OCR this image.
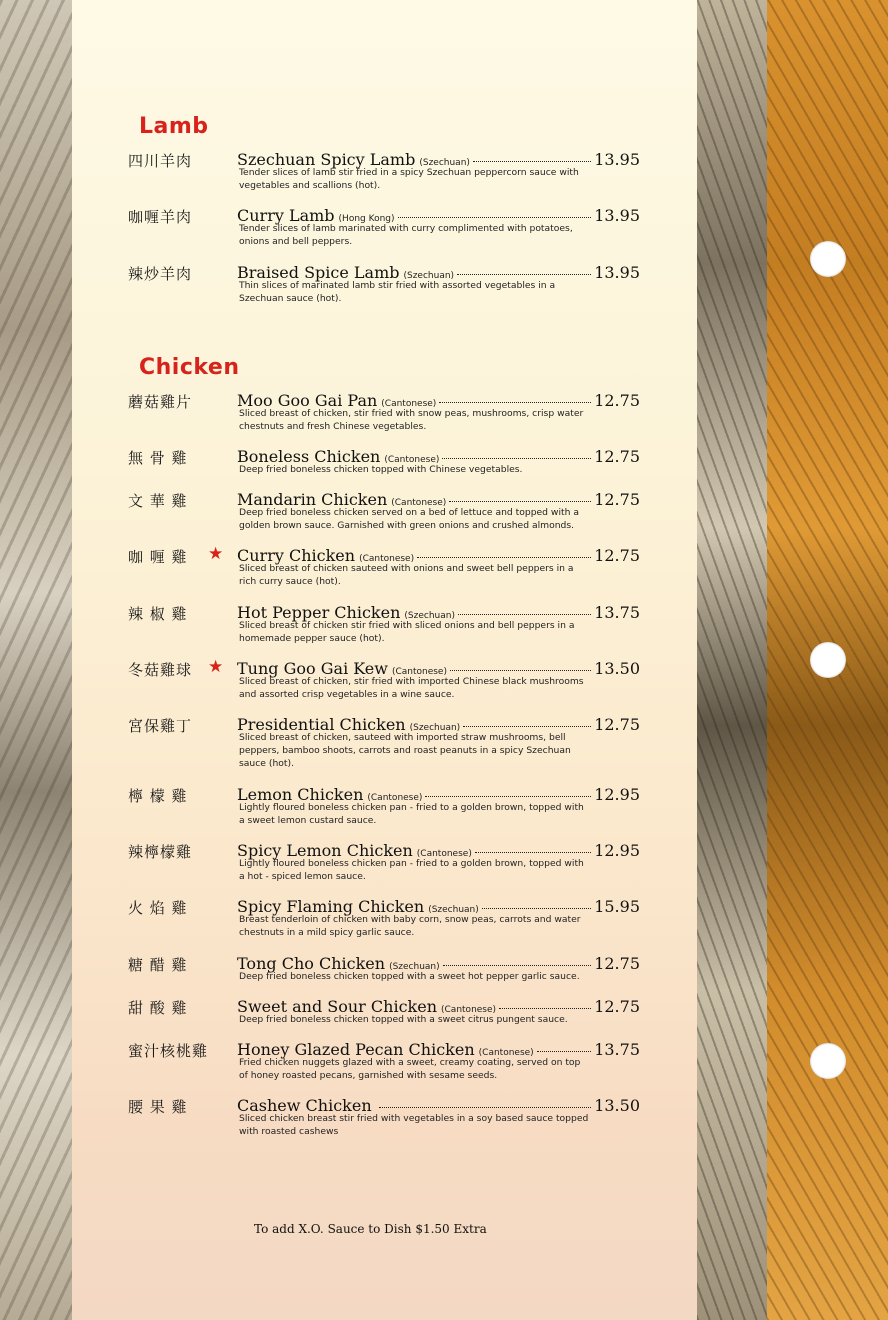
Lamb
四川羊肉	Szechuan Spicy Lamb (Szechuan)	13.95
Tender slices of lamb stir fried in a spicy Szechuan peppercorn sauce with vegetables and scallions (hot).
咖喱羊肉	Curry Lamb (Hong Kong)	13.95
Tender slices of lamb marinated with curry complimented with potatoes, onions and bell peppers.
辣炒羊肉	Braised Spice Lamb (Szechuan)	13.95
Thin slices of marinated lamb stir fried with assorted vegetables in a Szechuan sauce (hot).
Chicken
蘑菇雞片	Moo Goo Gai Pan (Cantonese)	12.75
Sliced breast of chicken, stir fried with snow peas, mushrooms, crisp water chestnuts and fresh Chinese vegetables.
無 骨 雞	Boneless Chicken (Cantonese)	12.75
Deep fried boneless chicken topped with Chinese vegetables.
文 華 雞	Mandarin Chicken (Cantonese)	12.75
Deep fried boneless chicken served on a bed of lettuce and topped with a golden brown sauce. Garnished with green onions and crushed almonds.
咖 喱 雞	★ Curry Chicken (Cantonese)	12.75
Sliced breast of chicken sauteed with onions and sweet bell peppers in a rich curry sauce (hot).
辣 椒 雞	Hot Pepper Chicken (Szechuan)	13.75
Sliced breast of chicken stir fried with sliced onions and bell peppers in a homemade pepper sauce (hot).
冬菇雞球 ★ Tung Goo Gai Kew (Cantonese)	13.50
Sliced breast of chicken, stir fried with imported Chinese black mushrooms and assorted crisp vegetables in a wine sauce.
宮保雞丁	Presidential Chicken (Szechuan)	12.75
Sliced breast of chicken, sauteed with imported straw mushrooms, bell peppers, bamboo shoots, carrots and roast peanuts in a spicy Szechuan sauce (hot).
檸 檬 雞	Lemon Chicken (Cantonese)	12.95
Lightly floured boneless chicken pan - fried to a golden brown, topped with a sweet lemon custard sauce.
辣檸檬雞	Spicy Lemon Chicken (Cantonese)	12.95
Lightly floured boneless chicken pan - fried to a golden brown, topped with a hot - spiced lemon sauce.
火 焰 雞	Spicy Flaming Chicken (Szechuan)	15.95
Breast tenderloin of chicken with baby corn, snow peas, carrots and water chestnuts in a mild spicy garlic sauce.
糖 醋 雞	Tong Cho Chicken (Szechuan)	12.75
Deep fried boneless chicken topped with a sweet hot pepper garlic sauce.
甜 酸 雞	Sweet and Sour Chicken (Cantonese)	12.75
Deep fried boneless chicken topped with a sweet citrus pungent sauce.
蜜汁核桃雞	Honey Glazed Pecan Chicken (Cantonese)	13.75
Fried chicken nuggets glazed with a sweet, creamy coating, served on top of honey roasted pecans, garnished with sesame seeds.
腰 果 雞	Cashew Chicken	13.50
Sliced chicken breast stir fried with vegetables in a soy based sauce topped with roasted cashews
To add X.O. Sauce to Dish $1.50 Extra
